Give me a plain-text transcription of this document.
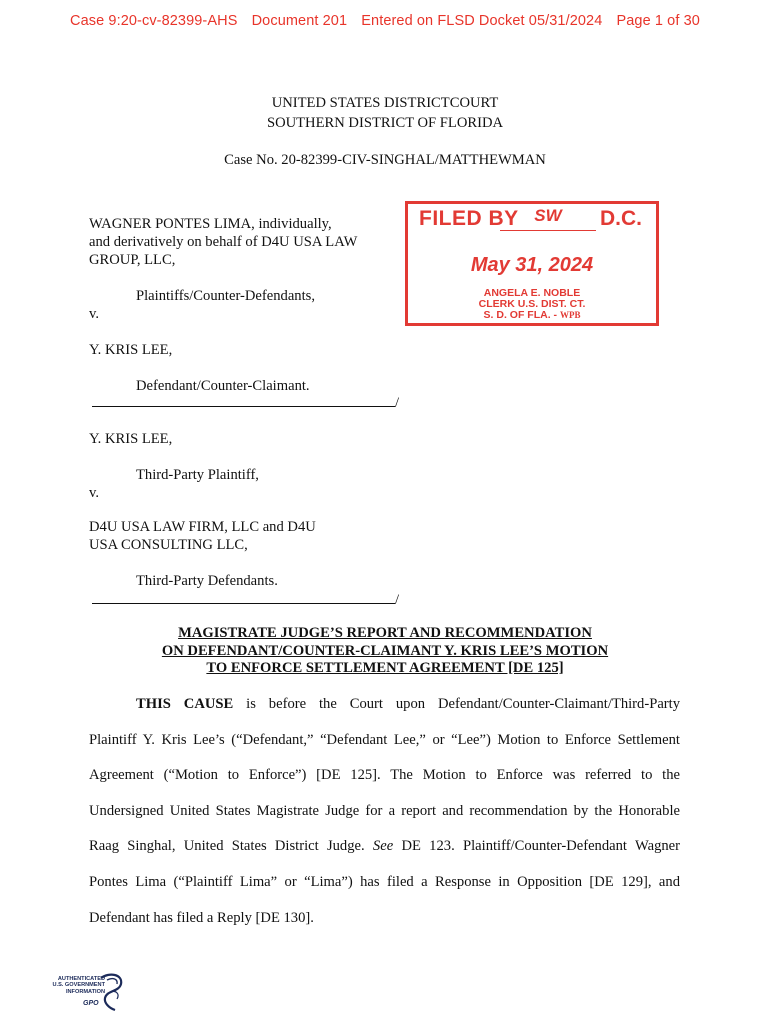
Case 9:20-cv-82399-AHS Document 201 Entered on FLSD Docket 05/31/2024 Page 1 of 30
UNITED STATES DISTRICTCOURT
SOUTHERN DISTRICT OF FLORIDA
Case No. 20-82399-CIV-SINGHAL/MATTHEWMAN
WAGNER PONTES LIMA, individually,
and derivatively on behalf of D4U USA LAW
GROUP, LLC,
Plaintiffs/Counter-Defendants,
v.
Y. KRIS LEE,
Defendant/Counter-Claimant.
/
Y. KRIS LEE,
Third-Party Plaintiff,
v.
D4U USA LAW FIRM, LLC and D4U
USA CONSULTING LLC,
Third-Party Defendants.
/
FILED BY SW	D.C.
May 31, 2024
ANGELA E. NOBLE
CLERK U.S. DIST. CT.
S. D. OF FLA. - WPB
MAGISTRATE JUDGE’S REPORT AND RECOMMENDATION
ON DEFENDANT/COUNTER-CLAIMANT Y. KRIS LEE’S MOTION
TO ENFORCE SETTLEMENT AGREEMENT [DE 125]
THIS CAUSE is before the Court upon Defendant/Counter-Claimant/Third-Party
Plaintiff Y. Kris Lee’s (“Defendant,” “Defendant Lee,” or “Lee”) Motion to Enforce Settlement
Agreement (“Motion to Enforce”) [DE 125]. The Motion to Enforce was referred to the
Undersigned United States Magistrate Judge for a report and recommendation by the Honorable
Raag Singhal, United States District Judge. See DE 123. Plaintiff/Counter-Defendant Wagner
Pontes Lima (“Plaintiff Lima” or “Lima”) has filed a Response in Opposition [DE 129], and
Defendant has filed a Reply [DE 130].
AUTHENTICATED
U.S. GOVERNMENT
INFORMATION
GPO
